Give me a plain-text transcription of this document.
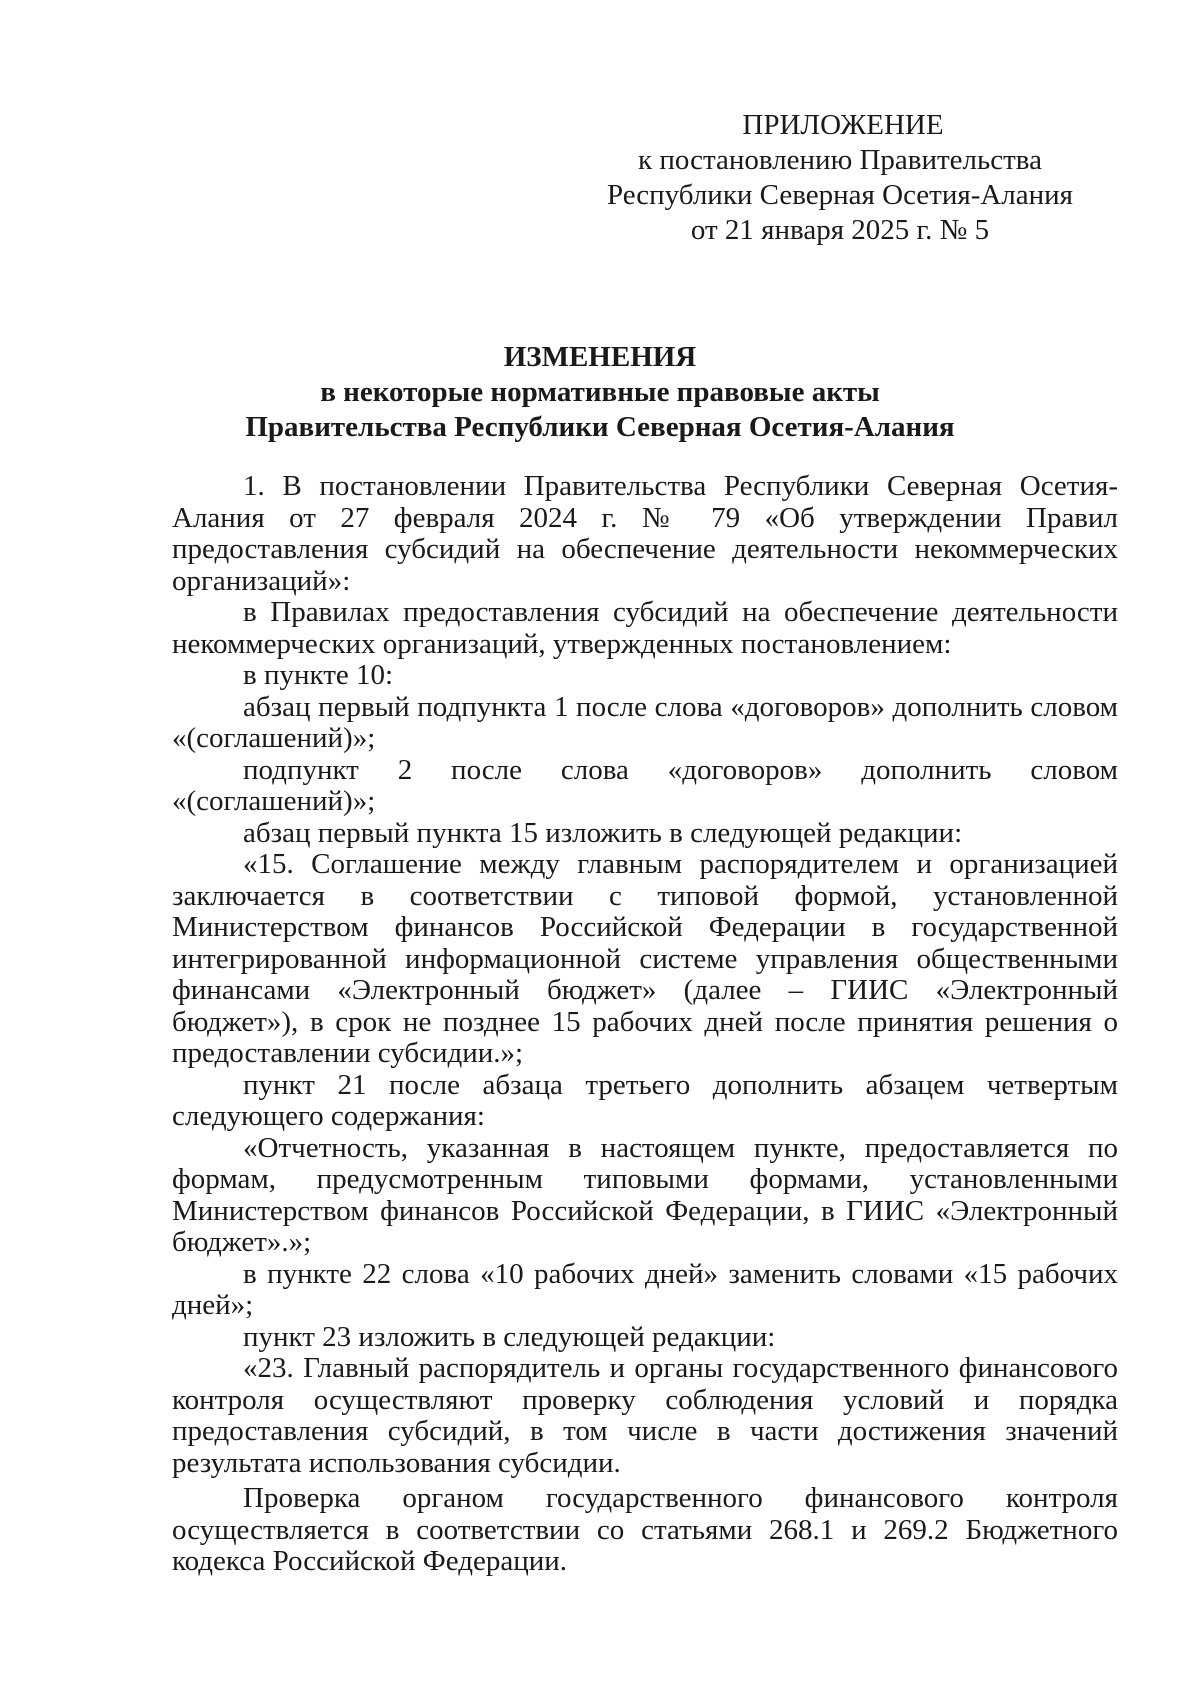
ПРИЛОЖЕНИЕ
к постановлению Правительства
Республики Северная Осетия-Алания
от 21 января 2025 г. № 5
ИЗМЕНЕНИЯ
в некоторые нормативные правовые акты
Правительства Республики Северная Осетия-Алания

1. В постановлении Правительства Республики Северная Осетия-Алания от 27 февраля 2024 г. № 79 «Об утверждении Правил предоставления субсидий на обеспечение деятельности некоммерческих организаций»:

в Правилах предоставления субсидий на обеспечение деятельности некоммерческих организаций, утвержденных постановлением:

в пункте 10:

абзац первый подпункта 1 после слова «договоров» дополнить словом «(соглашений)»;

подпункт 2 после слова «договоров» дополнить словом «(соглашений)»;

абзац первый пункта 15 изложить в следующей редакции:

«15. Соглашение между главным распорядителем и организацией заключается в соответствии с типовой формой, установленной Министерством финансов Российской Федерации в государственной интегрированной информационной системе управления общественными финансами «Электронный бюджет» (далее – ГИИС «Электронный бюджет»), в срок не позднее 15 рабочих дней после принятия решения о предоставлении субсидии.»;

пункт 21 после абзаца третьего дополнить абзацем четвертым следующего содержания:

«Отчетность, указанная в настоящем пункте, предоставляется по формам, предусмотренным типовыми формами, установленными Министерством финансов Российской Федерации, в ГИИС «Электронный бюджет».»;

в пункте 22 слова «10 рабочих дней» заменить словами «15 рабочих дней»;

пункт 23 изложить в следующей редакции:

«23. Главный распорядитель и органы государственного финансового контроля осуществляют проверку соблюдения условий и порядка предоставления субсидий, в том числе в части достижения значений результата использования субсидии.

Проверка органом государственного финансового контроля осуществляется в соответствии со статьями 268.1 и 269.2 Бюджетного кодекса Российской Федерации.
